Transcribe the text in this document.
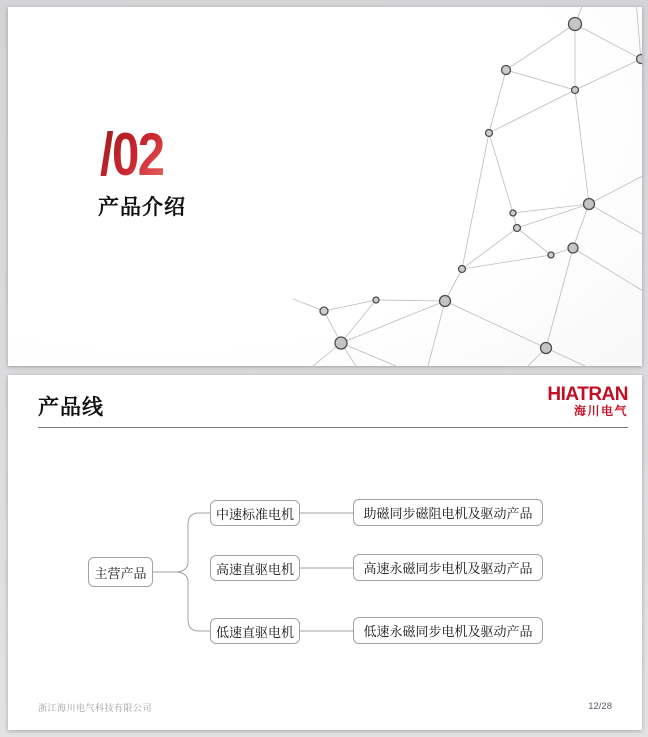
/02
产品介绍
产品线
HIATRAN
海川电气
主营产品
中速标准电机
高速直驱电机
低速直驱电机
助磁同步磁阻电机及驱动产品
高速永磁同步电机及驱动产品
低速永磁同步电机及驱动产品
浙江海川电气科技有限公司	12/28
